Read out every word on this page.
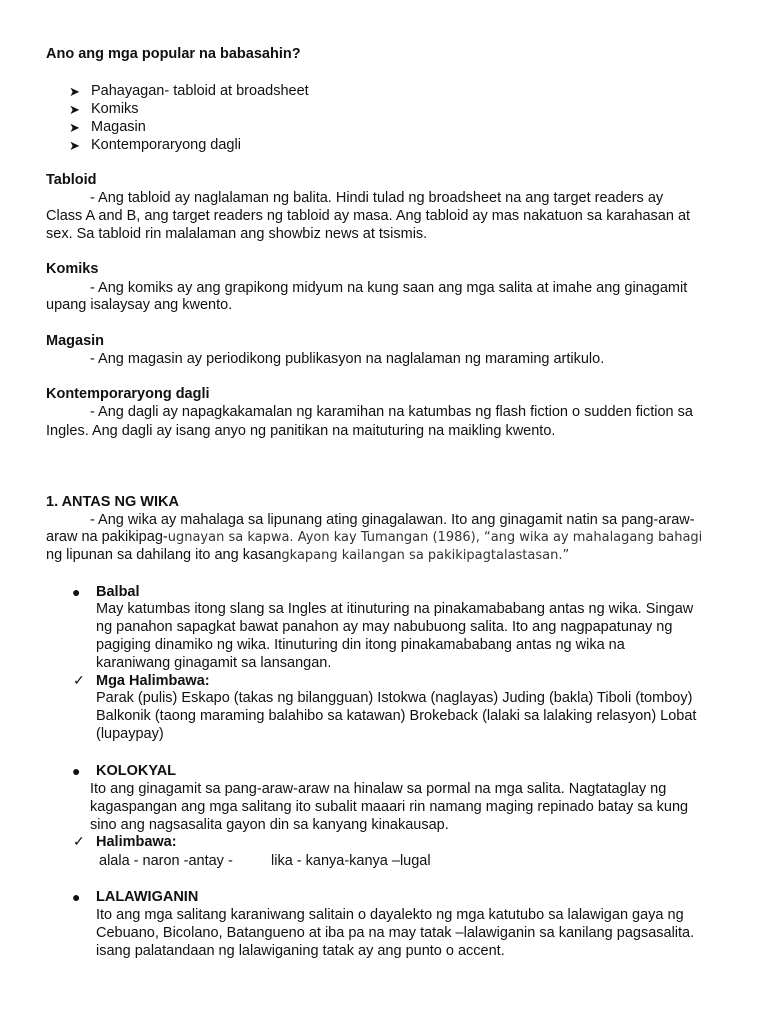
Ano ang mga popular na babasahin?
➤ Pahayagan- tabloid at broadsheet
➤ Komiks
➤ Magasin
➤ Kontemporaryong dagli
Tabloid
- Ang tabloid ay naglalaman ng balita. Hindi tulad ng broadsheet na ang target readers ay
Class A and B, ang target readers ng tabloid ay masa. Ang tabloid ay mas nakatuon sa karahasan at
sex. Sa tabloid rin malalaman ang showbiz news at tsismis.
Komiks
- Ang komiks ay ang grapikong midyum na kung saan ang mga salita at imahe ang ginagamit
upang isalaysay ang kwento.
Magasin
- Ang magasin ay periodikong publikasyon na naglalaman ng maraming artikulo.
Kontemporaryong dagli
- Ang dagli ay napagkakamalan ng karamihan na katumbas ng flash fiction o sudden fiction sa
Ingles. Ang dagli ay isang anyo ng panitikan na maituturing na maikling kwento.
1. ANTAS NG WIKA
- Ang wika ay mahalaga sa lipunang ating ginagalawan. Ito ang ginagamit natin sa pang-araw-
araw na pakikipag-ugnayan sa kapwa. Ayon kay Tumangan (1986), “ang wika ay mahalagang bahagi
ng lipunan sa dahilang ito ang kasangkapang kailangan sa pakikipagtalastasan.”
● Balbal
May katumbas itong slang sa Ingles at itinuturing na pinakamababang antas ng wika. Singaw
ng panahon sapagkat bawat panahon ay may nabubuong salita. Ito ang nagpapatunay ng
pagiging dinamiko ng wika. Itinuturing din itong pinakamababang antas ng wika na
karaniwang ginagamit sa lansangan.
✓ Mga Halimbawa:
Parak (pulis) Eskapo (takas ng bilangguan) Istokwa (naglayas) Juding (bakla) Tiboli (tomboy)
Balkonik (taong maraming balahibo sa katawan) Brokeback (lalaki sa lalaking relasyon) Lobat
(lupaypay)
● KOLOKYAL
Ito ang ginagamit sa pang-araw-araw na hinalaw sa pormal na mga salita. Nagtataglay ng
kagaspangan ang mga salitang ito subalit maaari rin namang maging repinado batay sa kung
sino ang nagsasalita gayon din sa kanyang kinakausap.
✓ Halimbawa:
alala - naron -antay -	lika - kanya-kanya –lugal
● LALAWIGANIN
Ito ang mga salitang karaniwang salitain o dayalekto ng mga katutubo sa lalawigan gaya ng
Cebuano, Bicolano, Batangueno at iba pa na may tatak –lalawiganin sa kanilang pagsasalita.
isang palatandaan ng lalawiganing tatak ay ang punto o accent.
